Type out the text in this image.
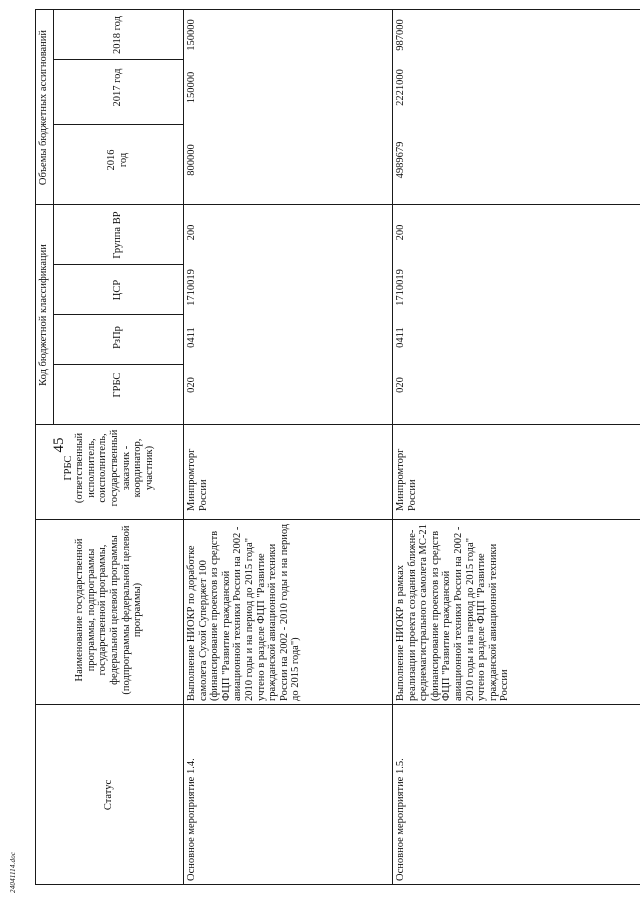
24041114.doc
45
Статус
Наименование государственной программы, подпрограммы государственной программы, федеральной целевой программы (подпрограммы федеральной целевой программы)
ГРБС (ответственный исполнитель, соисполнитель, государственный заказчик - координатор, участник)
Код бюджетной классификации
Объемы бюджетных ассигнований
ГРБС
РзПр
ЦСР
Группа ВР
2016 год
2017 год
2018 год
Основное мероприятие 1.4.
Выполнение НИОКР по доработке самолета Сухой Суперджет 100 (финансирование проектов из средств ФЦП "Развитие гражданской авиационной техники России на 2002 - 2010 годы и на период до 2015 года" учтено в разделе ФЦП "Развитие гражданской авиационной техники России на 2002 - 2010 годы и на период до 2015 года")
Минпромторг России
020
0411
1710019
200
800000
150000
Основное мероприятие 1.5.
Выполнение НИОКР в рамках реализации проекта создания ближне-среднемагистрального самолета МС-21 (финансирование проектов из средств ФЦП "Развитие гражданской авиационной техники России на 2002 - 2010 годы и на период до 2015 года" учтено в разделе ФЦП "Развитие гражданской авиационной техники России
Минпромторг России
020
0411
1710019
200
4989679
2221000
150000	987000
